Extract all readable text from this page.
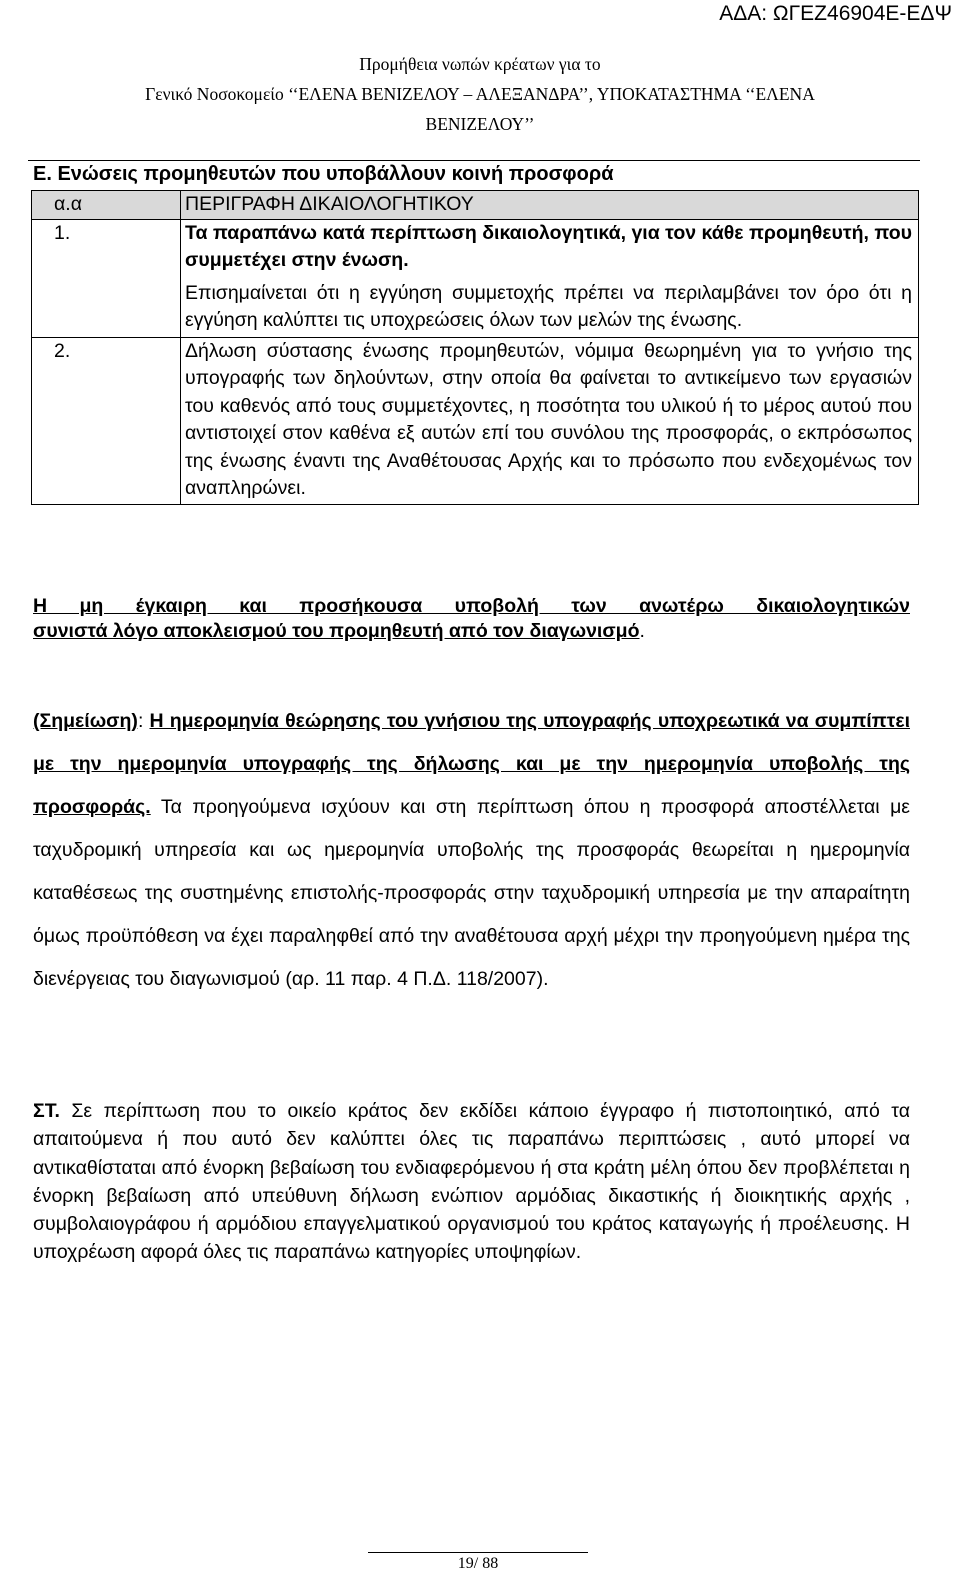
ΑΔΑ: ΩΓΕΖ46904Ε-ΕΔΨ
Προμήθεια νωπών κρέατων για το
Γενικό Νοσοκομείο ‘‘ΕΛΕΝΑ ΒΕΝΙΖΕΛΟΥ – ΑΛΕΞΑΝΔΡΑ’’, ΥΠΟΚΑΤΑΣΤΗΜΑ ‘‘ΕΛΕΝΑ
ΒΕΝΙΖΕΛΟΥ’’
Ε. Ενώσεις προμηθευτών που υποβάλλουν κοινή προσφορά
α.α	ΠΕΡΙΓΡΑΦΗ ΔΙΚΑΙΟΛΟΓΗΤΙΚΟΥ
1.	Τα παραπάνω κατά περίπτωση δικαιολογητικά, για τον κάθε προμηθευτή, που συμμετέχει στην ένωση.
Επισημαίνεται ότι η εγγύηση συμμετοχής πρέπει να περιλαμβάνει τον όρο ότι η εγγύηση καλύπτει τις υποχρεώσεις όλων των μελών της ένωσης.

2.	Δήλωση σύστασης ένωσης προμηθευτών, νόμιμα θεωρημένη για το γνήσιο της υπογραφής των δηλούντων, στην οποία θα φαίνεται το αντικείμενο των εργασιών του καθενός από τους συμμετέχοντες, η ποσότητα του υλικού ή το μέρος αυτού που αντιστοιχεί στον καθένα εξ αυτών επί του συνόλου της προσφοράς, ο εκπρόσωπος της ένωσης έναντι της Αναθέτουσας Αρχής και το πρόσωπο που ενδεχομένως τον αναπληρώνει.
Η μη έγκαιρη και προσήκουσα υποβολή των ανωτέρω δικαιολογητικών
συνιστά λόγο αποκλεισμού του προμηθευτή από τον διαγωνισμό.
(Σημείωση): Η ημερομηνία θεώρησης του γνήσιου της υπογραφής υποχρεωτικά να συμπίπτει με την ημερομηνία υπογραφής της δήλωσης και με την ημερομηνία υποβολής της προσφοράς. Τα προηγούμενα ισχύουν και στη περίπτωση όπου η προσφορά αποστέλλεται με ταχυδρομική υπηρεσία και ως ημερομηνία υποβολής της προσφοράς θεωρείται η ημερομηνία καταθέσεως της συστημένης επιστολής-προσφοράς στην ταχυδρομική υπηρεσία με την απαραίτητη όμως προϋπόθεση να έχει παραληφθεί από την αναθέτουσα αρχή μέχρι την προηγούμενη ημέρα της διενέργειας του διαγωνισμού (αρ. 11 παρ. 4 Π.Δ. 118/2007).
ΣΤ. Σε περίπτωση που το οικείο κράτος δεν εκδίδει κάποιο έγγραφο ή πιστοποιητικό, από τα απαιτούμενα ή που αυτό δεν καλύπτει όλες τις παραπάνω περιπτώσεις , αυτό μπορεί να αντικαθίσταται από ένορκη βεβαίωση του ενδιαφερόμενου ή στα κράτη μέλη όπου δεν προβλέπεται η ένορκη βεβαίωση από υπεύθυνη δήλωση ενώπιον αρμόδιας δικαστικής ή διοικητικής αρχής , συμβολαιογράφου ή αρμόδιου επαγγελματικού οργανισμού του κράτος καταγωγής ή προέλευσης. Η υποχρέωση αφορά όλες τις παραπάνω κατηγορίες υποψηφίων.
19/ 88
